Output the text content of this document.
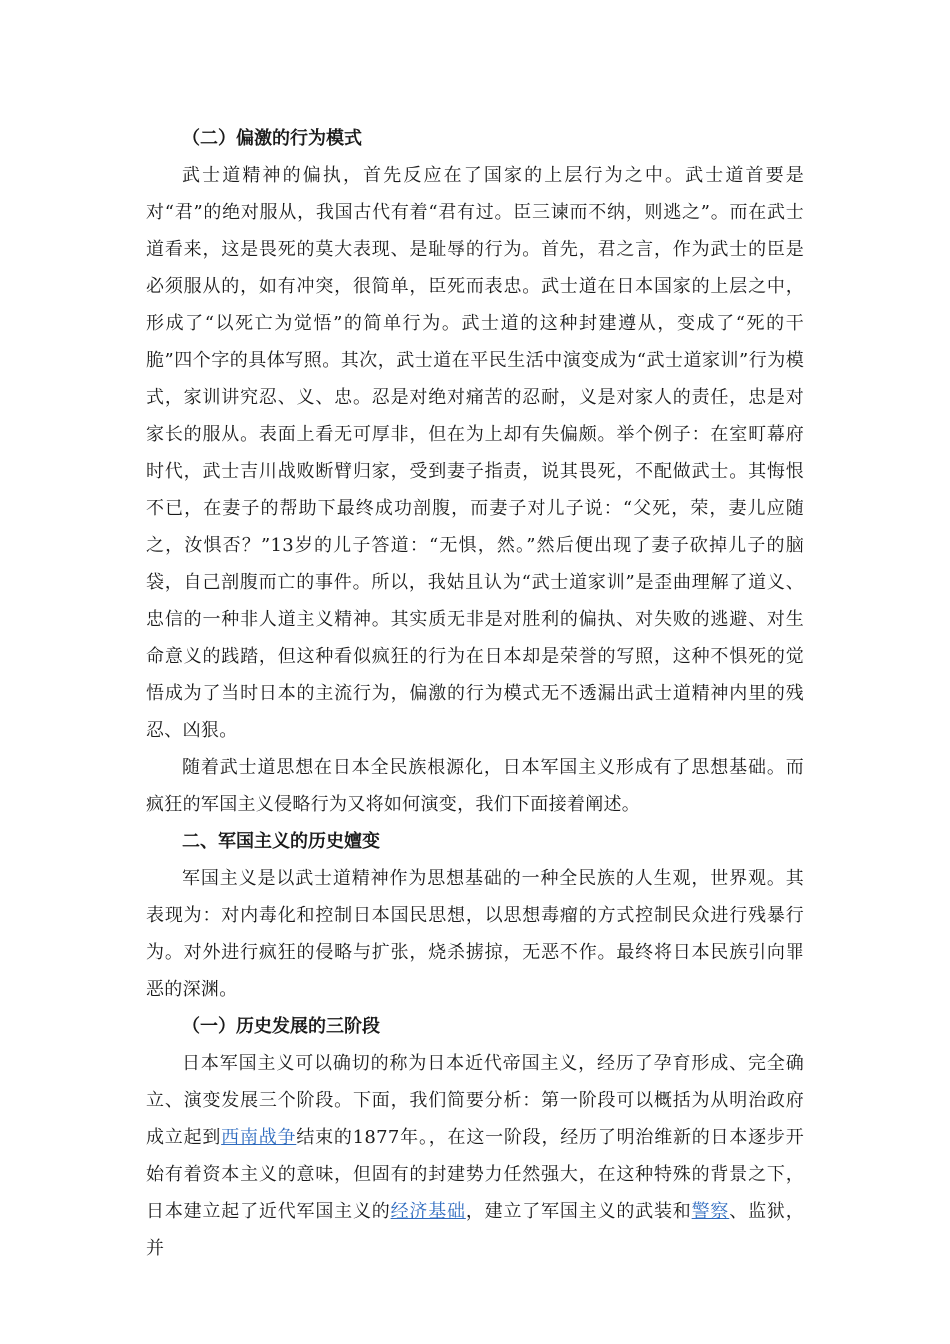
（二）偏激的行为模式

武士道精神的偏执，首先反应在了国家的上层行为之中。武士道首要是对“君”的绝对服从，我国古代有着“君有过。臣三谏而不纳，则逃之”。而在武士道看来，这是畏死的莫大表现、是耻辱的行为。首先，君之言，作为武士的臣是必须服从的，如有冲突，很简单，臣死而表忠。武士道在日本国家的上层之中，形成了“以死亡为觉悟”的简单行为。武士道的这种封建遵从，变成了“死的干脆”四个字的具体写照。其次，武士道在平民生活中演变成为“武士道家训”行为模式，家训讲究忍、义、忠。忍是对绝对痛苦的忍耐，义是对家人的责任，忠是对家长的服从。表面上看无可厚非，但在为上却有失偏颇。举个例子：在室町幕府时代，武士吉川战败断臂归家，受到妻子指责，说其畏死，不配做武士。其悔恨不已，在妻子的帮助下最终成功剖腹，而妻子对儿子说：“父死，荣，妻儿应随之，汝惧否？”13岁的儿子答道：“无惧，然。”然后便出现了妻子砍掉儿子的脑袋，自己剖腹而亡的事件。所以，我姑且认为“武士道家训”是歪曲理解了道义、忠信的一种非人道主义精神。其实质无非是对胜利的偏执、对失败的逃避、对生命意义的践踏，但这种看似疯狂的行为在日本却是荣誉的写照，这种不惧死的觉悟成为了当时日本的主流行为，偏激的行为模式无不透漏出武士道精神内里的残忍、凶狠。

随着武士道思想在日本全民族根源化，日本军国主义形成有了思想基础。而疯狂的军国主义侵略行为又将如何演变，我们下面接着阐述。

二、军国主义的历史嬗变

军国主义是以武士道精神作为思想基础的一种全民族的人生观，世界观。其表现为：对内毒化和控制日本国民思想，以思想毒瘤的方式控制民众进行残暴行为。对外进行疯狂的侵略与扩张，烧杀掳掠，无恶不作。最终将日本民族引向罪恶的深渊。

（一）历史发展的三阶段

日本军国主义可以确切的称为日本近代帝国主义，经历了孕育形成、完全确立、演变发展三个阶段。下面，我们简要分析：第一阶段可以概括为从明治政府成立起到西南战争结束的1877年。，在这一阶段，经历了明治维新的日本逐步开始有着资本主义的意味，但固有的封建势力任然强大，在这种特殊的背景之下，日本建立起了近代军国主义的经济基础，建立了军国主义的武装和警察、监狱，并
